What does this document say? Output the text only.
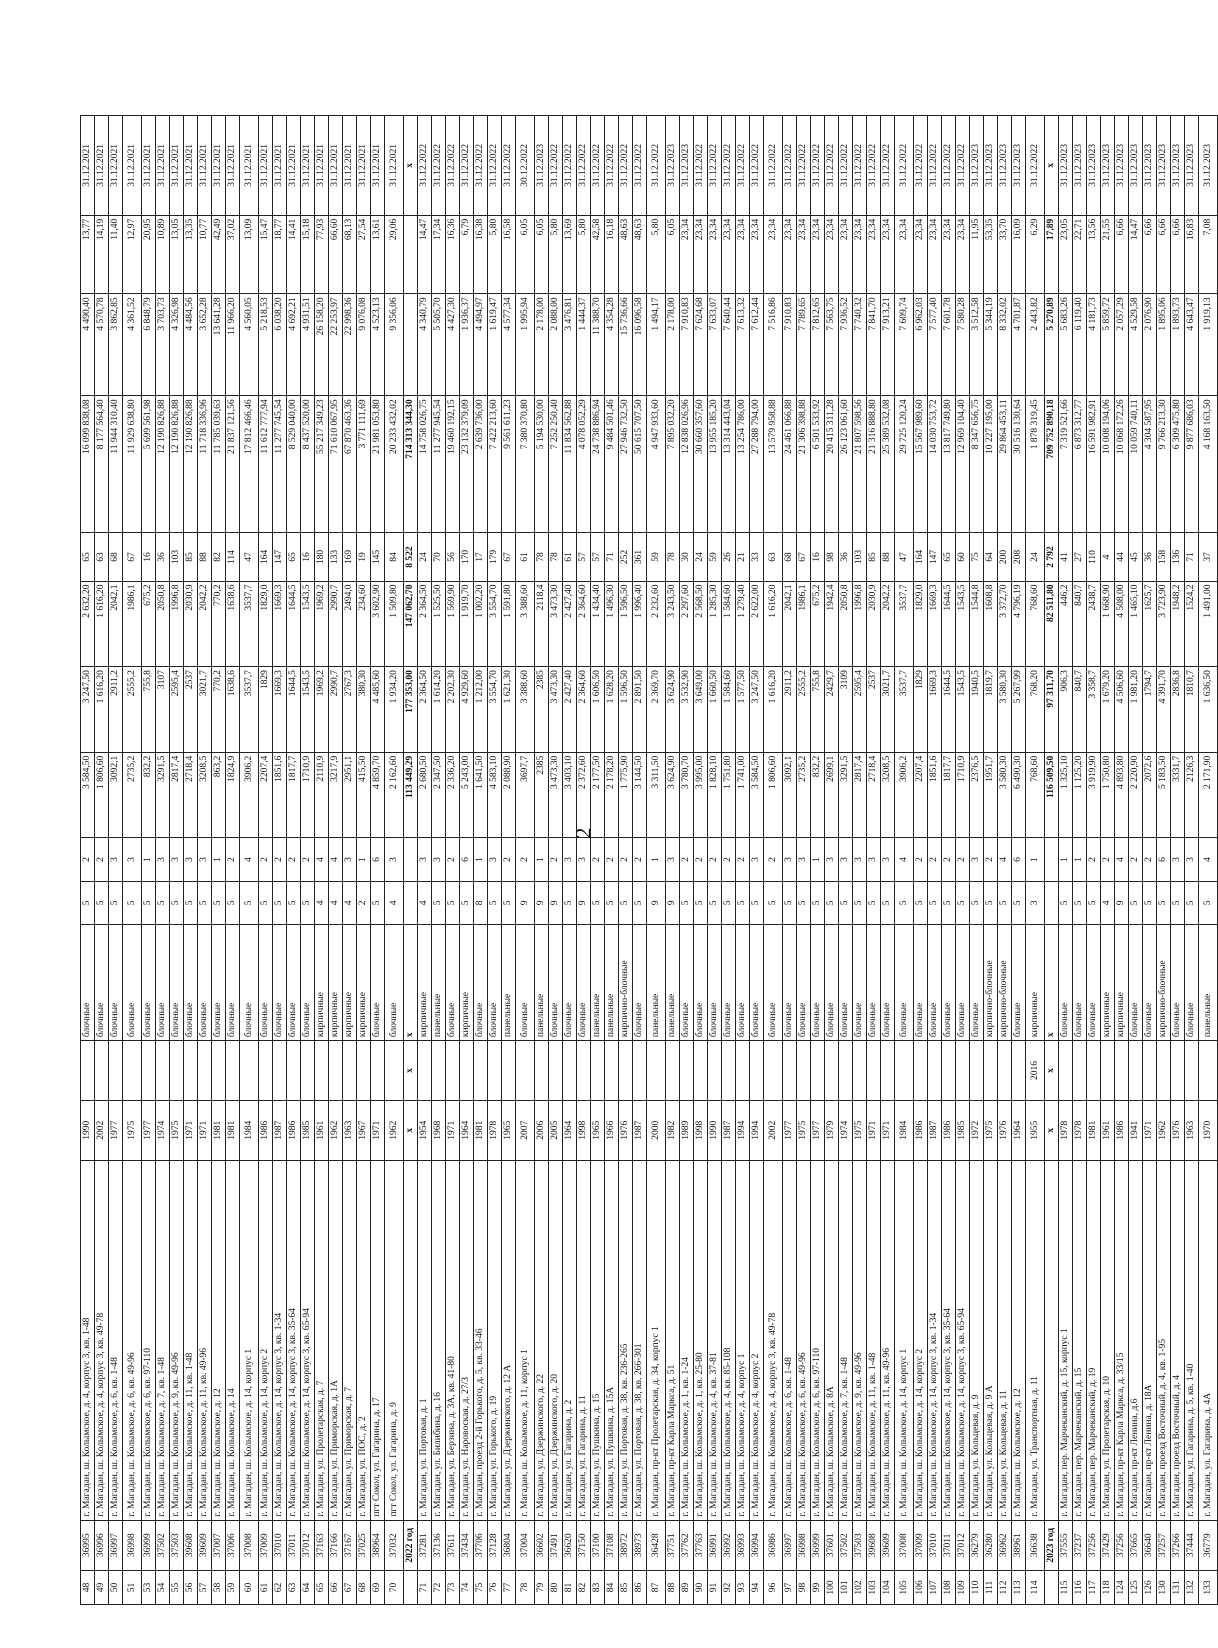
2
48	36995	г. Магадан, ш. Колымское, д. 4, корпус 3, кв. 1-48	1990		блочные	5	2	3 584,50	3 247,50	2 632,20	65	16 099 838,08	4 490,40	13,77	31.12.2021
49	36996	г. Магадан, ш. Колымское, д. 4, корпус 3, кв. 49-78	2002		блочные	5	2	1 806,60	1 616,20	1 616,20	63	8 177 564,40	4 570,78	14,19	31.12.2021
50	36997	г. Магадан, ш. Колымское, д. 6, кв. 1-48	1977		блочные	5	3	3092,1	2911,2	2042,1	68	11 944 310,40	3 862,85	11,40	31.12.2021
51	36998	г. Магадан, ш. Колымское, д. 6, кв. 49-96	1975		блочные	5	3	2735,2	2555,2	1986,1	67	11 929 638,80	4 361,52	12,97	31.12.2021
53	36999	г. Магадан, ш. Колымское, д. 6, кв. 97-110	1977		блочные	5	1	832,2	755,8	675,2	16	5 699 561,98	6 848,79	20,95	31.12.2021
54	37502	г. Магадан, ш. Колымское, д. 7, кв. 1-48	1974		блочные	5	3	3291,5	3107	2050,8	36	12 190 826,88	3 703,73	10,89	31.12.2021
55	37503	г. Магадан, ш. Колымское, д. 9, кв. 49-96	1975		блочные	5	3	2817,4	2595,4	1996,8	103	12 190 826,88	4 326,98	13,05	31.12.2021
56	39608	г. Магадан, ш. Колымское, д. 11, кв. 1-48	1971		блочные	5	3	2718,4	2537	2030,9	85	12 190 826,88	4 484,56	13,35	31.12.2021
57	39609	г. Магадан, ш. Колымское, д. 11, кв. 49-96	1971		блочные	5	3	3208,5	3021,7	2042,2	88	11 718 336,96	3 652,28	10,77	31.12.2021
58	37007	г. Магадан, ш. Колымское, д. 12	1981		блочные	5	1	863,2	770,2	770,2	82	11 785 039,63	13 641,28	42,49	31.12.2021
59	37006	г. Магадан, ш. Колымское, д. 14	1981		блочные	5	2	1824,9	1638,6	1638,6	114	21 837 121,56	11 966,20	37,02	31.12.2021
60	37008	г. Магадан, ш. Колымское, д. 14, корпус 1	1984		блочные	5	4	3906,2	3537,7	3537,7	47	17 812 466,46	4 560,05	13,09	31.12.2021
61	37009	г. Магадан, ш. Колымское, д. 14, корпус 2	1986		блочные	5	2	2207,4	1829	1829,0	164	11 612 777,94	5 218,53	15,47	31.12.2021
62	37010	г. Магадан, ш. Колымское, д. 14, корпус 3, кв. 1-34	1987		блочные	5	2	1851,6	1669,3	1669,3	147	11 277 745,54	6 038,20	18,77	31.12.2021
63	37011	г. Магадан, ш. Колымское, д. 14, корпус 3, кв. 35-64	1986		блочные	5	2	1817,7	1644,5	1644,5	65	8 529 040,00	4 692,21	14,41	31.12.2021
64	37012	г. Магадан, ш. Колымское, д. 14, корпус 3, кв. 65-94	1985		блочные	5	2	1710,9	1543,5	1543,5	16	8 437 520,00	4 931,51	15,18	31.12.2021
65	37163	г. Магадан, ул. Пролетарская, д. 7	1961		кирпичные	4	4	2110,9	1969,2	1969,2	180	55 217 349,23	26 158,20	77,93	31.12.2021
66	37166	г. Магадан, ул. Приморская, д. 1А	1962		кирпичные	4	4	3217,9	2990,7	2990,7	133	71 610 067,95	22 253,97	66,60	31.12.2021
67	37167	г. Магадан, ул. Приморская, д. 7	1963		кирпичные	4	3	2951,1	2767,3	2494,0	169	67 870 463,36	22 998,36	68,13	31.12.2021
68	37025	г. Магадан, ул. ПОС, д. 2	1967		кирпичные	2	1	415,50	380,30	234,60	19	3 771 111,69	9 076,08	27,54	31.12.2021
69	38964	пгт Сокол, ул. Гагарина, д. 17	1971		блочные	5	6	4 859,70	4 485,60	3 602,90	145	21 981 053,80	4 523,13	13,61	31.12.2021
70	37032	пгт Сокол, ул. Гагарина, д. 9	1962		блочные	4	3	2 162,60	1 934,20	1 509,80	84	20 233 432,02	9 356,06	29,06	31.12.2021
	2022 год		x	x	x			113 449,29	177 353,00	147 062,70	8 522	714 313 344,30			x
71	37281	г. Магадан, ул. Портовая, д. 1	1954		кирпичные	4	3	2 680,50	2 364,50	2 364,50	24	14 758 026,75	4 340,79	14,47	31.12.2022
72	37136	г. Магадан, ул. Билибина, д. 16	1968		панельные	5	3	2 347,50	1 614,20	1 525,50	70	11 277 945,54	5 505,70	17,34	31.12.2022
73	37611	г. Магадан, ул. Берзина, д. 3А, кв. 41-80	1971		блочные	5	2	2 336,20	2 202,30	1 569,90	56	19 460 192,15	4 427,30	16,36	31.12.2022
74	37434	г. Магадан, ул. Наровоская, д. 27/3	1964		кирпичные	5	6	5 243,00	4 929,60	1 919,70	170	23 132 379,09	1 936,37	6,79	31.12.2022
75	37706	г. Магадан, проезд 2-й Горького, д. 5, кв. 33-46	1981		блочные	8	1	1 641,50	1 212,00	1 002,20	17	2 639 736,00	4 494,97	16,38	31.12.2022
76	37128	г. Магадан, ул. Горького, д. 19	1978		блочные	5	3	4 583,10	3 554,70	3 554,70	179	7 422 213,60	1 619,47	5,80	31.12.2022
77	36804	г. Магадан, ул. Дзержинского, д. 12 А	1965		панельные	5	2	2 088,90	1 621,30	1 591,80	67	9 561 611,23	4 577,34	16,58	31.12.2022
78	37004	г. Магадан, ш. Колымское, д. 11, корпус 1	2007		блочные	9	2	3697,7	3 388,60	3 388,60	61	7 380 370,80	1 995,94	6,05	30.12.2022
79	36602	г. Магадан, ул. Дзержинского, д. 22	2006		панельные	9	1	2385	2385	2118,4	78	5 194 530,00	2 178,00	6,05	31.12.2023
80	37491	г. Магадан, ул. Дзержинского, д. 20	2005		блочные	9	2	3 473,30	3 473,30	3 473,30	78	7 252 250,40	2 088,00	5,80	31.12.2022
81	36620	г. Магадан, ул. Гагарина, д. 2	1964		блочные	5	3	3 403,10	2 427,40	2 427,40	61	11 834 562,88	3 476,81	13,69	31.12.2022
82	37150	г. Магадан, ул. Гагарина, д. 11	1998		блочные	9	3	2 372,60	2 364,60	2 364,60	57	4 078 052,29	1 444,37	5,80	31.12.2022
83	37100	г. Магадан, ул. Пушкина, д. 15	1965		панельные	5	2	2 177,50	1 606,50	1 434,40	57	24 738 886,94	11 388,70	42,58	31.12.2022
84	37108	г. Магадан, ул. Пушкина, д. 15А	1966		панельные	5	2	2 178,20	1 628,20	1 496,30	71	9 484 501,46	4 354,28	16,18	31.12.2022
85	38972	г. Магадан, ул. Портовая, д. 38, кв. 236-265	1976		кирпично-блочные	5	2	1 775,90	1 596,50	1 596,50	252	27 946 732,50	15 736,66	48,63	31.12.2022
86	38973	г. Магадан, ул. Портовая, д. 38, кв. 266-301	1987		блочные	5	2	3 144,50	2 891,50	1 996,40	361	50 615 707,50	16 096,58	48,63	31.12.2022
87	36428	г. Магадан, пр-кт Пролетарская, д. 34, корпус 1	2000		панельные	9	1	3 311,50	2 369,70	2 232,60	59	4 947 933,60	1 494,17	5,80	31.12.2022
88	37751	г. Магадан, пр-кт Карла Маркса, д. 51	1982		панельные	9	3	3 624,90	3 624,90	3 243,50	78	7 895 032,20	2 178,00	6,05	31.12.2023
89	37762	г. Магадан, ш. Колымское, д. 1, кв. 1-24	1989		блочные	5	2	3 780,70	3 532,90	2 297,60	30	12 838 026,96	7 910,83	23,34	31.12.2023
90	37763	г. Магадан, ш. Колымское, д. 1, кв. 25-80	1998		блочные	5	2	3 995,00	3 649,00	2 568,50	24	30 660 357,60	7 624,68	23,34	31.12.2022
91	36991	г. Магадан, ш. Колымское, д. 4, кв. 37-81	1990		блочные	5	2	1 828,10	1 660,50	1 285,30	59	13 955 185,20	7 633,07	23,34	31.12.2022
92	36992	г. Магадан, ш. Колымское, д. 4, кв. 85-108	1987		блочные	5	2	1 751,80	1 584,60	1 584,60	26	13 314 443,04	7 640,44	23,34	31.12.2022
93	36993	г. Магадан, ш. Колымское, д. 4, корпус 1	1994		блочные	5	2	1 741,00	1 577,50	1 279,40	21	13 254 786,00	7 613,32	23,34	31.12.2022
94	36994	г. Магадан, ш. Колымское, д. 4, корпус 2	1994		блочные	5	3	3 584,50	3 247,50	2 622,00	33	27 288 794,00	7 612,44	23,34	31.12.2022
96	36986	г. Магадан, ш. Колымское, д. 4, корпус 3, кв. 49-78	2002		блочные	5	2	1 806,60	1 616,20	1 616,20	63	13 579 958,88	7 516,86	23,34	31.12.2022
97	36997	г. Магадан, ш. Колымское, д. 6, кв. 1-48	1977		блочные	5	3	3092,1	2911,2	2042,1	68	24 461 066,88	7 910,83	23,34	31.12.2022
98	36998	г. Магадан, ш. Колымское, д. 6, кв. 49-96	1975		блочные	5	3	2735,2	2555,2	1986,1	67	21 306 398,88	7 789,65	23,34	31.12.2022
99	36999	г. Магадан, ш. Колымское, д. 6, кв. 97-110	1977		блочные	5	1	832,2	755,8	675,2	16	6 501 533,92	7 812,65	23,34	31.12.2022
100	37601	г. Магадан, ш. Колымское, д. 8А	1979		блочные	5	3	2699,1	2429,7	1942,4	98	20 415 311,28	7 563,75	23,34	31.12.2022
101	37502	г. Магадан, ш. Колымское, д. 7, кв. 1-48	1974		блочные	5	3	3291,5	3109	2050,8	36	26 123 061,60	7 936,52	23,34	31.12.2022
102	37503	г. Магадан, ш. Колымское, д. 9, кв. 49-96	1975		блочные	5	3	2817,4	2595,4	1996,8	103	21 807 598,56	7 740,32	23,34	31.12.2022
103	39608	г. Магадан, ш. Колымское, д. 11, кв. 1-48	1971		блочные	5	3	2718,4	2537	2030,9	85	21 316 888,80	7 841,70	23,34	31.12.2022
104	39609	г. Магадан, ш. Колымское, д. 11, кв. 49-96	1971		блочные	5	3	3208,5	3021,7	2042,2	88	25 389 532,08	7 913,21	23,34	31.12.2022
105	37008	г. Магадан, ш. Колымское, д. 14, корпус 1	1984		блочные	5	4	3906,2	3537,7	3537,7	47	29 725 120,24	7 609,74	23,34	31.12.2022
106	37009	г. Магадан, ш. Колымское, д. 14, корпус 2	1986		блочные	5	2	2207,4	1829	1829,0	164	15 567 989,60	6 962,03	23,34	31.12.2022
107	37010	г. Магадан, ш. Колымское, д. 14, корпус 3, кв. 1-34	1987		блочные	5	2	1851,6	1669,3	1669,3	147	14 030 753,72	7 577,40	23,34	31.12.2022
108	37011	г. Магадан, ш. Колымское, д. 14, корпус 3, кв. 35-64	1986		блочные	5	2	1817,7	1644,5	1644,5	65	13 817 749,80	7 601,78	23,34	31.12.2022
109	37012	г. Магадан, ш. Колымское, д. 14, корпус 3, кв. 65-94	1985		блочные	5	2	1710,9	1543,5	1543,5	60	12 969 104,40	7 580,28	23,34	31.12.2022
110	36279	г. Магадан, ул. Кольцевая, д. 9	1972		блочные	5	3	2376,5	1940,5	1544,8	75	8 347 656,75	3 512,58	11,95	31.12.2023
111	36280	г. Магадан, ул. Кольцевая, д. 9 А	1975		кирпично-блочные	5	2	1951,7	1819,7	1608,8	64	10 227 195,00	5 344,19	53,35	31.12.2023
112	36962	г. Магадан, ул. Кольцевая, д. 11	1976		кирпично-блочные	5	4	3 580,30	3 580,30	3 372,70	200	29 864 453,11	8 332,02	33,70	31.12.2023
113	38961	г. Магадан, ш. Колымское, д. 12	1964		блочные	5	6	6 490,30	5 267,99	4 796,19	208	30 516 130,64	4 701,87	16,09	31.12.2023
114	36638	г. Магадан, ул. Транспортная, д. 11	1955	2016	кирпичные	3	1	768,60	768,20	768,60	24	1 878 319,45	2 443,82	6,29	31.12.2022
	2023 год		x	x	x			116 509,50	97 311,70	82 511,80	2 792	709 752 890,18	5 270,89	17,89	x
115	37555	г. Магадан, пер. Марчеканский, д. 15, корпус 1	1978		блочные	5	1	1 325,10	906,3	446,2	41	7 319 521,66	5 683,26	23,05	31.12.2023
116	37237	г. Магадан, пер. Марчеканский, д. 15	1978		блочные	5	1	1 125,20	840,7	840,7	27	6 873 312,77	6 119,40	22,71	31.12.2023
117	37256	г. Магадан, пер. Марчеканский, д. 19	1981		блочные	5	2	3 919,90	3 358,7	2438,7	110	16 591 982,91	4 181,73	13,56	31.12.2023
118	37429	г. Магадан, ул. Пролетарская, д. 10	1961		кирпичные	4	2	1 750,80	1 679,20	1 668,90	4	10 008 194,06	5 859,72	21,55	31.12.2023
124	37256	г. Магадан, пр-кт Карла Маркса, д. 33/15	1986		кирпичные	9	4	4 893,80	4 506,60	4 508,00	44	10 068 172,26	2 057,29	6,66	31.12.2023
125	37665	г. Магадан, пр-кт Ленина, д.6	1941		блочные	5	2	2 220,90	1 981,20	1 465,10	45	10 059 740,11	4 529,58	14,47	31.12.2023
126	36640	г. Магадан, пр-кт Ленина, д. 18А	1971		блочные	5	2	2072,6	1794,7	1625,7	36	4 304 587,95	2 076,90	6,66	31.12.2023
130	37257	г. Магадан, проезд Восточный, д. 4, кв. 1-95	1962		кирпично-блочные	5	6	5 183,50	4 391,70	3 723,90	158	9 766 213,30	1 895,06	6,66	31.12.2023
131	37266	г. Магадан, проезд Восточный, д. 4	1976		блочные	5	3	3331,7	2836,8	1948,2	136	6 309 475,80	1 893,73	6,66	31.12.2023
132	37444	г. Магадан, ул. Гагарина, д. 5, кв. 1-40	1963		блочные	5	3	2126,3	1810,7	1524,2	71	9 877 686,03	4 643,47	16,83	31.12.2023
133	36779	г. Магадан, ул. Гагарина, д. 4А	1970		панельные	5	4	2 171,90	1 636,50	1 491,00	37	4 168 163,50	1 919,13	7,08	31.12.2023
